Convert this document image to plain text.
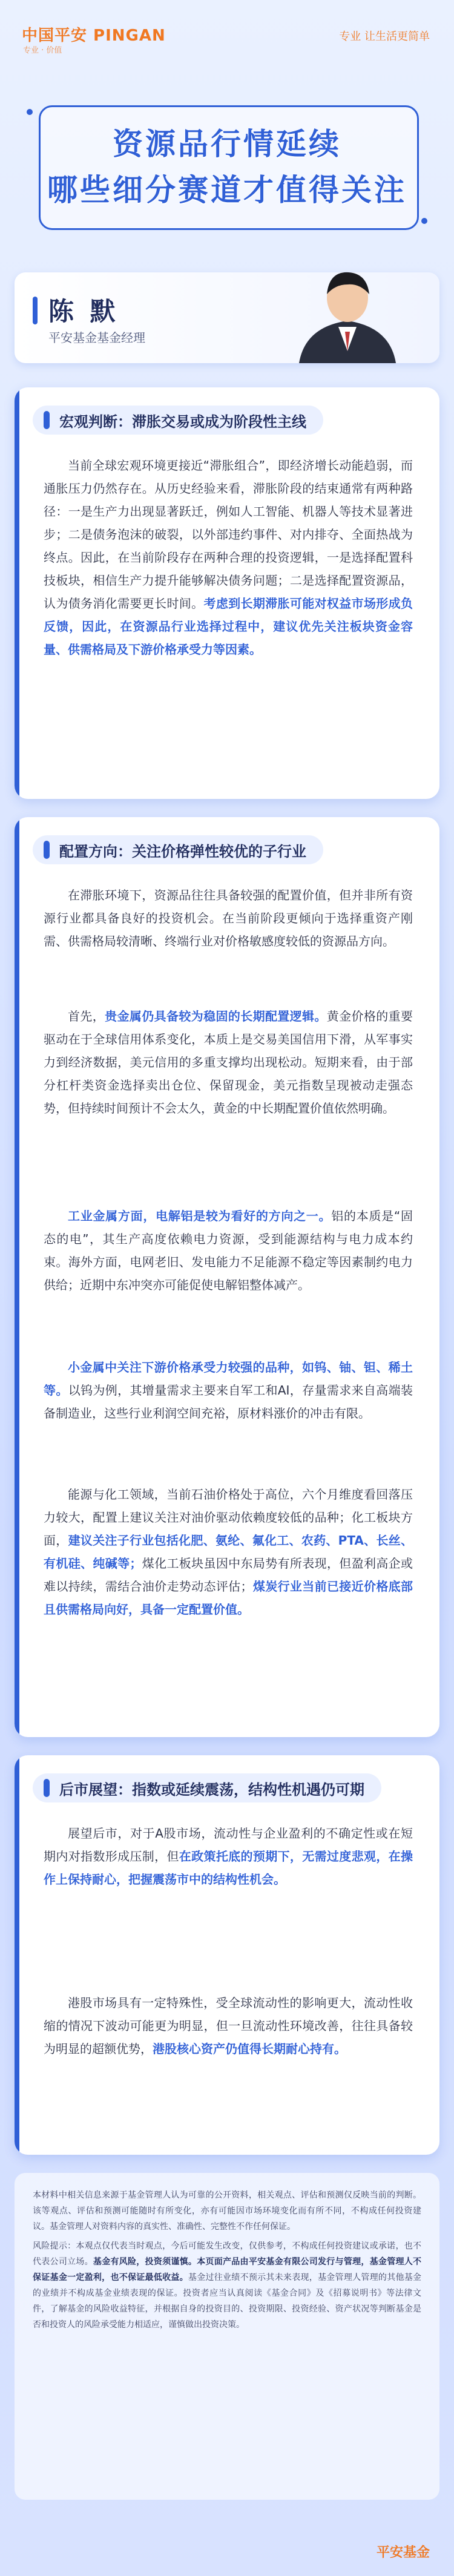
中国平安 PINGAN
专业 · 价值
专业 让生活更简单
资源品行情延续
哪些细分赛道才值得关注
陈 默
平安基金基金经理
宏观判断：滞胀交易或成为阶段性主线
当前全球宏观环境更接近“滞胀组合”，即经济增长动能趋弱，而通胀压力仍然存在。从历史经验来看，滞胀阶段的结束通常有两种路径：一是生产力出现显著跃迁，例如人工智能、机器人等技术显著进步；二是债务泡沫的破裂，以外部违约事件、对内排夺、全面热战为终点。因此，在当前阶段存在两种合理的投资逻辑，一是选择配置科技板块，相信生产力提升能够解决债务问题；二是选择配置资源品，认为债务消化需要更长时间。考虑到长期滞胀可能对权益市场形成负反馈，因此，在资源品行业选择过程中，建议优先关注板块资金容量、供需格局及下游价格承受力等因素。
配置方向：关注价格弹性较优的子行业
在滞胀环境下，资源品往往具备较强的配置价值，但并非所有资源行业都具备良好的投资机会。在当前阶段更倾向于选择重资产刚需、供需格局较清晰、终端行业对价格敏感度较低的资源品方向。
首先，贵金属仍具备较为稳固的长期配置逻辑。黄金价格的重要驱动在于全球信用体系变化，本质上是交易美国信用下滑，从军事实力到经济数据，美元信用的多重支撑均出现松动。短期来看，由于部分杠杆类资金选择卖出仓位、保留现金，美元指数呈现被动走强态势，但持续时间预计不会太久，黄金的中长期配置价值依然明确。
工业金属方面，电解铝是较为看好的方向之一。铝的本质是“固态的电”，其生产高度依赖电力资源，受到能源结构与电力成本约束。海外方面，电网老旧、发电能力不足能源不稳定等因素制约电力供给；近期中东冲突亦可能促使电解铝整体减产。
小金属中关注下游价格承受力较强的品种，如钨、铀、钽、稀土等。以钨为例，其增量需求主要来自军工和AI，存量需求来自高端装备制造业，这些行业利润空间充裕，原材料涨价的冲击有限。
能源与化工领域，当前石油价格处于高位，六个月维度看回落压力较大，配置上建议关注对油价驱动依赖度较低的品种；化工板块方面，建议关注子行业包括化肥、氨纶、氟化工、农药、PTA、长丝、有机硅、纯碱等；煤化工板块虽因中东局势有所表现，但盈利高企或难以持续，需结合油价走势动态评估；煤炭行业当前已接近价格底部且供需格局向好，具备一定配置价值。
后市展望：指数或延续震荡，结构性机遇仍可期
展望后市，对于A股市场，流动性与企业盈利的不确定性或在短期内对指数形成压制，但在政策托底的预期下，无需过度悲观，在操作上保持耐心，把握震荡市中的结构性机会。
港股市场具有一定特殊性，受全球流动性的影响更大，流动性收缩的情况下波动可能更为明显，但一旦流动性环境改善，往往具备较为明显的超额优势，港股核心资产仍值得长期耐心持有。
本材料中相关信息来源于基金管理人认为可靠的公开资料，相关观点、评估和预测仅反映当前的判断。该等观点、评估和预测可能随时有所变化，亦有可能因市场环境变化而有所不同，不构成任何投资建议。基金管理人对资料内容的真实性、准确性、完整性不作任何保证。
风险提示：本观点仅代表当时观点，今后可能发生改变，仅供参考，不构成任何投资建议或承诺，也不代表公司立场。基金有风险，投资须谨慎。本页面产品由平安基金有限公司发行与管理，基金管理人不保证基金一定盈利，也不保证最低收益。基金过往业绩不预示其未来表现，基金管理人管理的其他基金的业绩并不构成基金业绩表现的保证。投资者应当认真阅读《基金合同》及《招募说明书》等法律文件，了解基金的风险收益特征，并根据自身的投资目的、投资期限、投资经验、资产状况等判断基金是否和投资人的风险承受能力相适应，谨慎做出投资决策。
平安基金
